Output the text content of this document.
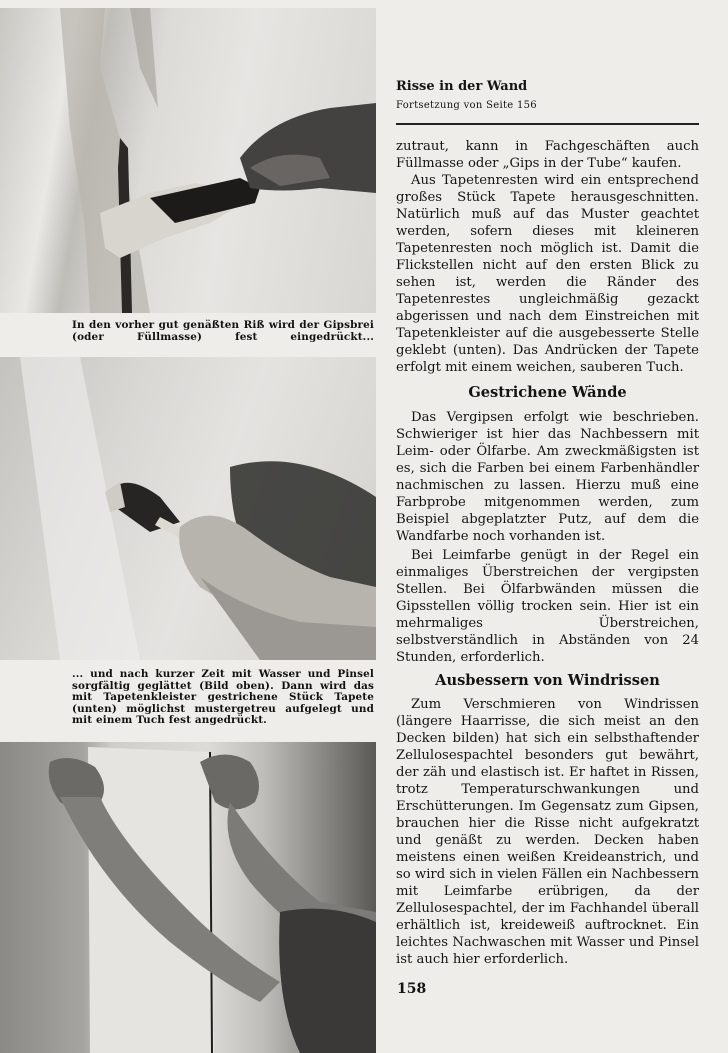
In den vorher gut genäßten Riß wird der Gipsbrei (oder Füllmasse) fest eingedrückt...
... und nach kurzer Zeit mit Wasser und Pinsel sorgfältig geglättet (Bild oben). Dann wird das mit Tapetenkleister gestrichene Stück Tapete (unten) möglichst mustergetreu aufgelegt und mit einem Tuch fest angedrückt.
Risse in der Wand
Fortsetzung von Seite 156
zutraut, kann in Fachgeschäften auch Füllmasse oder „Gips in der Tube“ kaufen.
Aus Tapetenresten wird ein entsprechend großes Stück Tapete herausgeschnitten. Natürlich muß auf das Muster geachtet werden, sofern dieses mit kleineren Tapetenresten noch möglich ist. Damit die Flickstellen nicht auf den ersten Blick zu sehen ist, werden die Ränder des Tapetenrestes ungleichmäßig gezackt abgerissen und nach dem Einstreichen mit Tapetenkleister auf die ausgebesserte Stelle geklebt (unten). Das Andrücken der Tapete erfolgt mit einem weichen, sauberen Tuch.
Gestrichene Wände
Das Vergipsen erfolgt wie beschrieben. Schwieriger ist hier das Nachbessern mit Leim- oder Ölfarbe. Am zweckmäßigsten ist es, sich die Farben bei einem Farbenhändler nachmischen zu lassen. Hierzu muß eine Farbprobe mitgenommen werden, zum Beispiel abgeplatzter Putz, auf dem die Wandfarbe noch vorhanden ist.
Bei Leimfarbe genügt in der Regel ein einmaliges Überstreichen der vergipsten Stellen. Bei Ölfarbwänden müssen die Gipsstellen völlig trocken sein. Hier ist ein mehrmaliges Überstreichen, selbstverständlich in Abständen von 24 Stunden, erforderlich.
Ausbessern von Windrissen
Zum Verschmieren von Windrissen (längere Haarrisse, die sich meist an den Decken bilden) hat sich ein selbsthaftender Zellulosespachtel besonders gut bewährt, der zäh und elastisch ist. Er haftet in Rissen, trotz Temperaturschwankungen und Erschütterungen. Im Gegensatz zum Gipsen, brauchen hier die Risse nicht aufgekratzt und genäßt zu werden. Decken haben meistens einen weißen Kreideanstrich, und so wird sich in vielen Fällen ein Nachbessern mit Leimfarbe erübrigen, da der Zellulosespachtel, der im Fachhandel überall erhältlich ist, kreideweiß auftrocknet. Ein leichtes Nachwaschen mit Wasser und Pinsel ist auch hier erforderlich.
158
